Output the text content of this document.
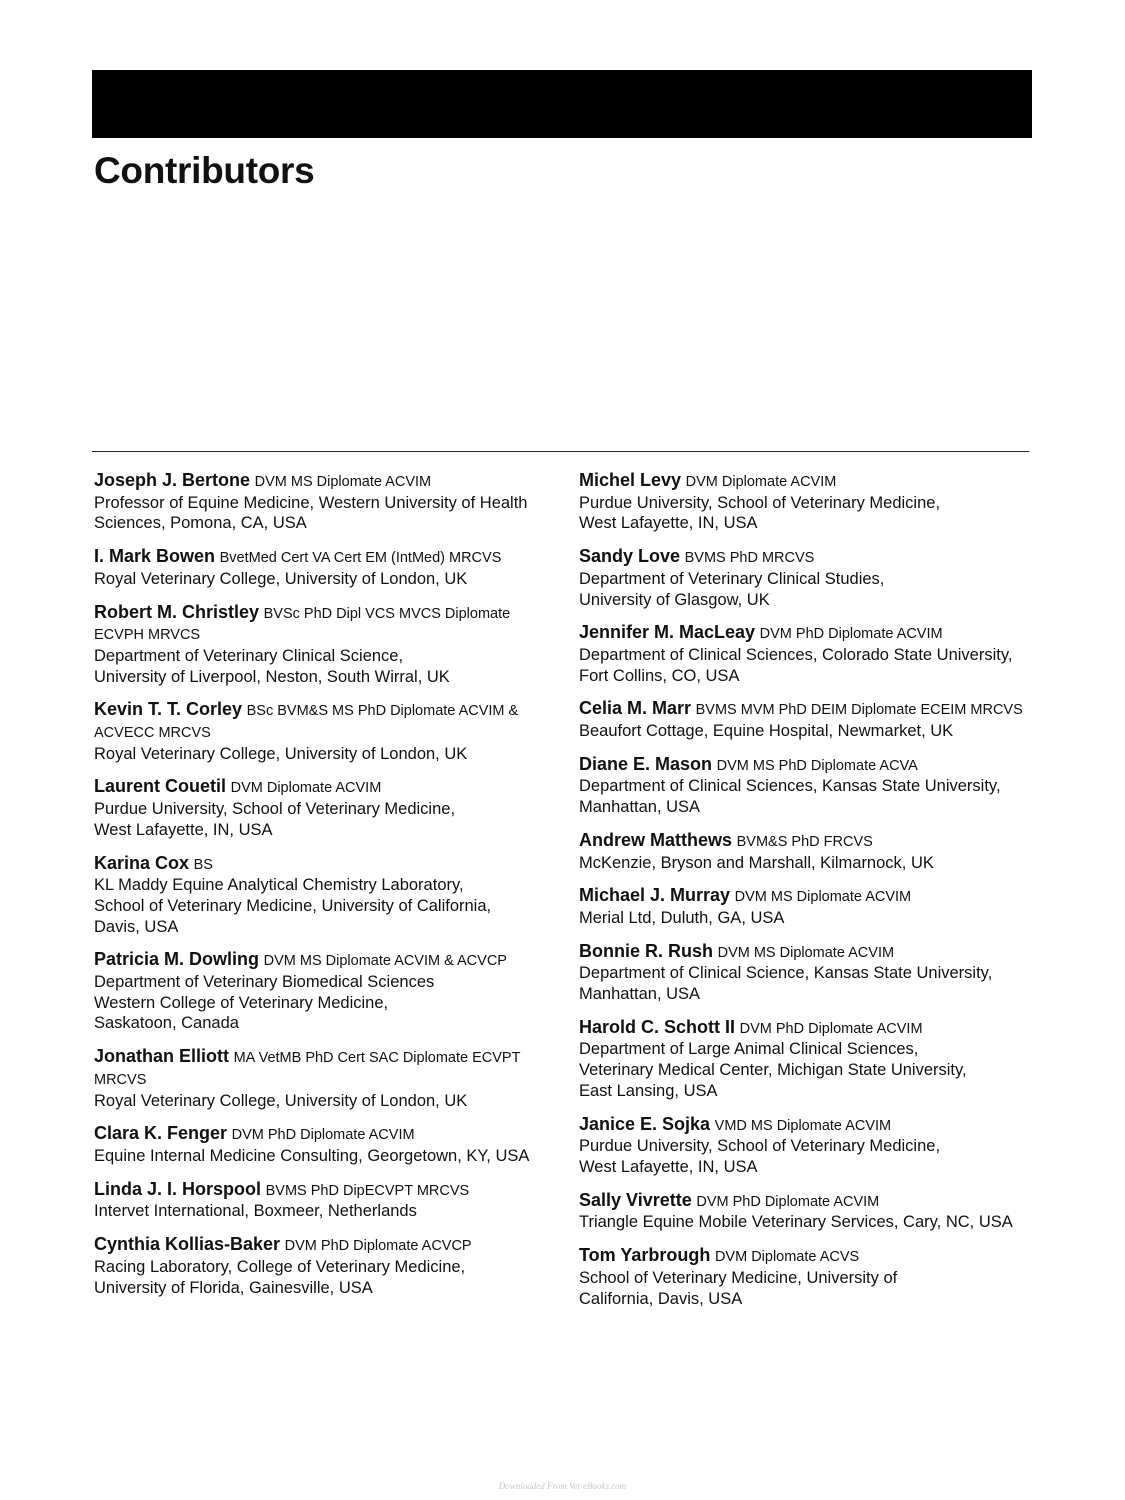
Contributors
Joseph J. Bertone DVM MS Diplomate ACVIM
Professor of Equine Medicine, Western University of Health
Sciences, Pomona, CA, USA
I. Mark Bowen BvetMed Cert VA Cert EM (IntMed) MRCVS
Royal Veterinary College, University of London, UK
Robert M. Christley BVSc PhD Dipl VCS MVCS Diplomate ECVPH MRVCS
Department of Veterinary Clinical Science,
University of Liverpool, Neston, South Wirral, UK
Kevin T. T. Corley BSc BVM&S MS PhD Diplomate ACVIM & ACVECC MRCVS
Royal Veterinary College, University of London, UK
Laurent Couetil DVM Diplomate ACVIM
Purdue University, School of Veterinary Medicine,
West Lafayette, IN, USA
Karina Cox BS
KL Maddy Equine Analytical Chemistry Laboratory,
School of Veterinary Medicine, University of California,
Davis, USA
Patricia M. Dowling DVM MS Diplomate ACVIM & ACVCP
Department of Veterinary Biomedical Sciences
Western College of Veterinary Medicine,
Saskatoon, Canada
Jonathan Elliott MA VetMB PhD Cert SAC Diplomate ECVPT MRCVS
Royal Veterinary College, University of London, UK
Clara K. Fenger DVM PhD Diplomate ACVIM
Equine Internal Medicine Consulting, Georgetown, KY, USA
Linda J. I. Horspool BVMS PhD DipECVPT MRCVS
Intervet International, Boxmeer, Netherlands
Cynthia Kollias-Baker DVM PhD Diplomate ACVCP
Racing Laboratory, College of Veterinary Medicine,
University of Florida, Gainesville, USA
Michel Levy DVM Diplomate ACVIM
Purdue University, School of Veterinary Medicine,
West Lafayette, IN, USA
Sandy Love BVMS PhD MRCVS
Department of Veterinary Clinical Studies,
University of Glasgow, UK
Jennifer M. MacLeay DVM PhD Diplomate ACVIM
Department of Clinical Sciences, Colorado State University,
Fort Collins, CO, USA
Celia M. Marr BVMS MVM PhD DEIM Diplomate ECEIM MRCVS
Beaufort Cottage, Equine Hospital, Newmarket, UK
Diane E. Mason DVM MS PhD Diplomate ACVA
Department of Clinical Sciences, Kansas State University,
Manhattan, USA
Andrew Matthews BVM&S PhD FRCVS
McKenzie, Bryson and Marshall, Kilmarnock, UK
Michael J. Murray DVM MS Diplomate ACVIM
Merial Ltd, Duluth, GA, USA
Bonnie R. Rush DVM MS Diplomate ACVIM
Department of Clinical Science, Kansas State University,
Manhattan, USA
Harold C. Schott II DVM PhD Diplomate ACVIM
Department of Large Animal Clinical Sciences,
Veterinary Medical Center, Michigan State University,
East Lansing, USA
Janice E. Sojka VMD MS Diplomate ACVIM
Purdue University, School of Veterinary Medicine,
West Lafayette, IN, USA
Sally Vivrette DVM PhD Diplomate ACVIM
Triangle Equine Mobile Veterinary Services, Cary, NC, USA
Tom Yarbrough DVM Diplomate ACVS
School of Veterinary Medicine, University of
California, Davis, USA
Downloaded From Vet-eBooks.com
